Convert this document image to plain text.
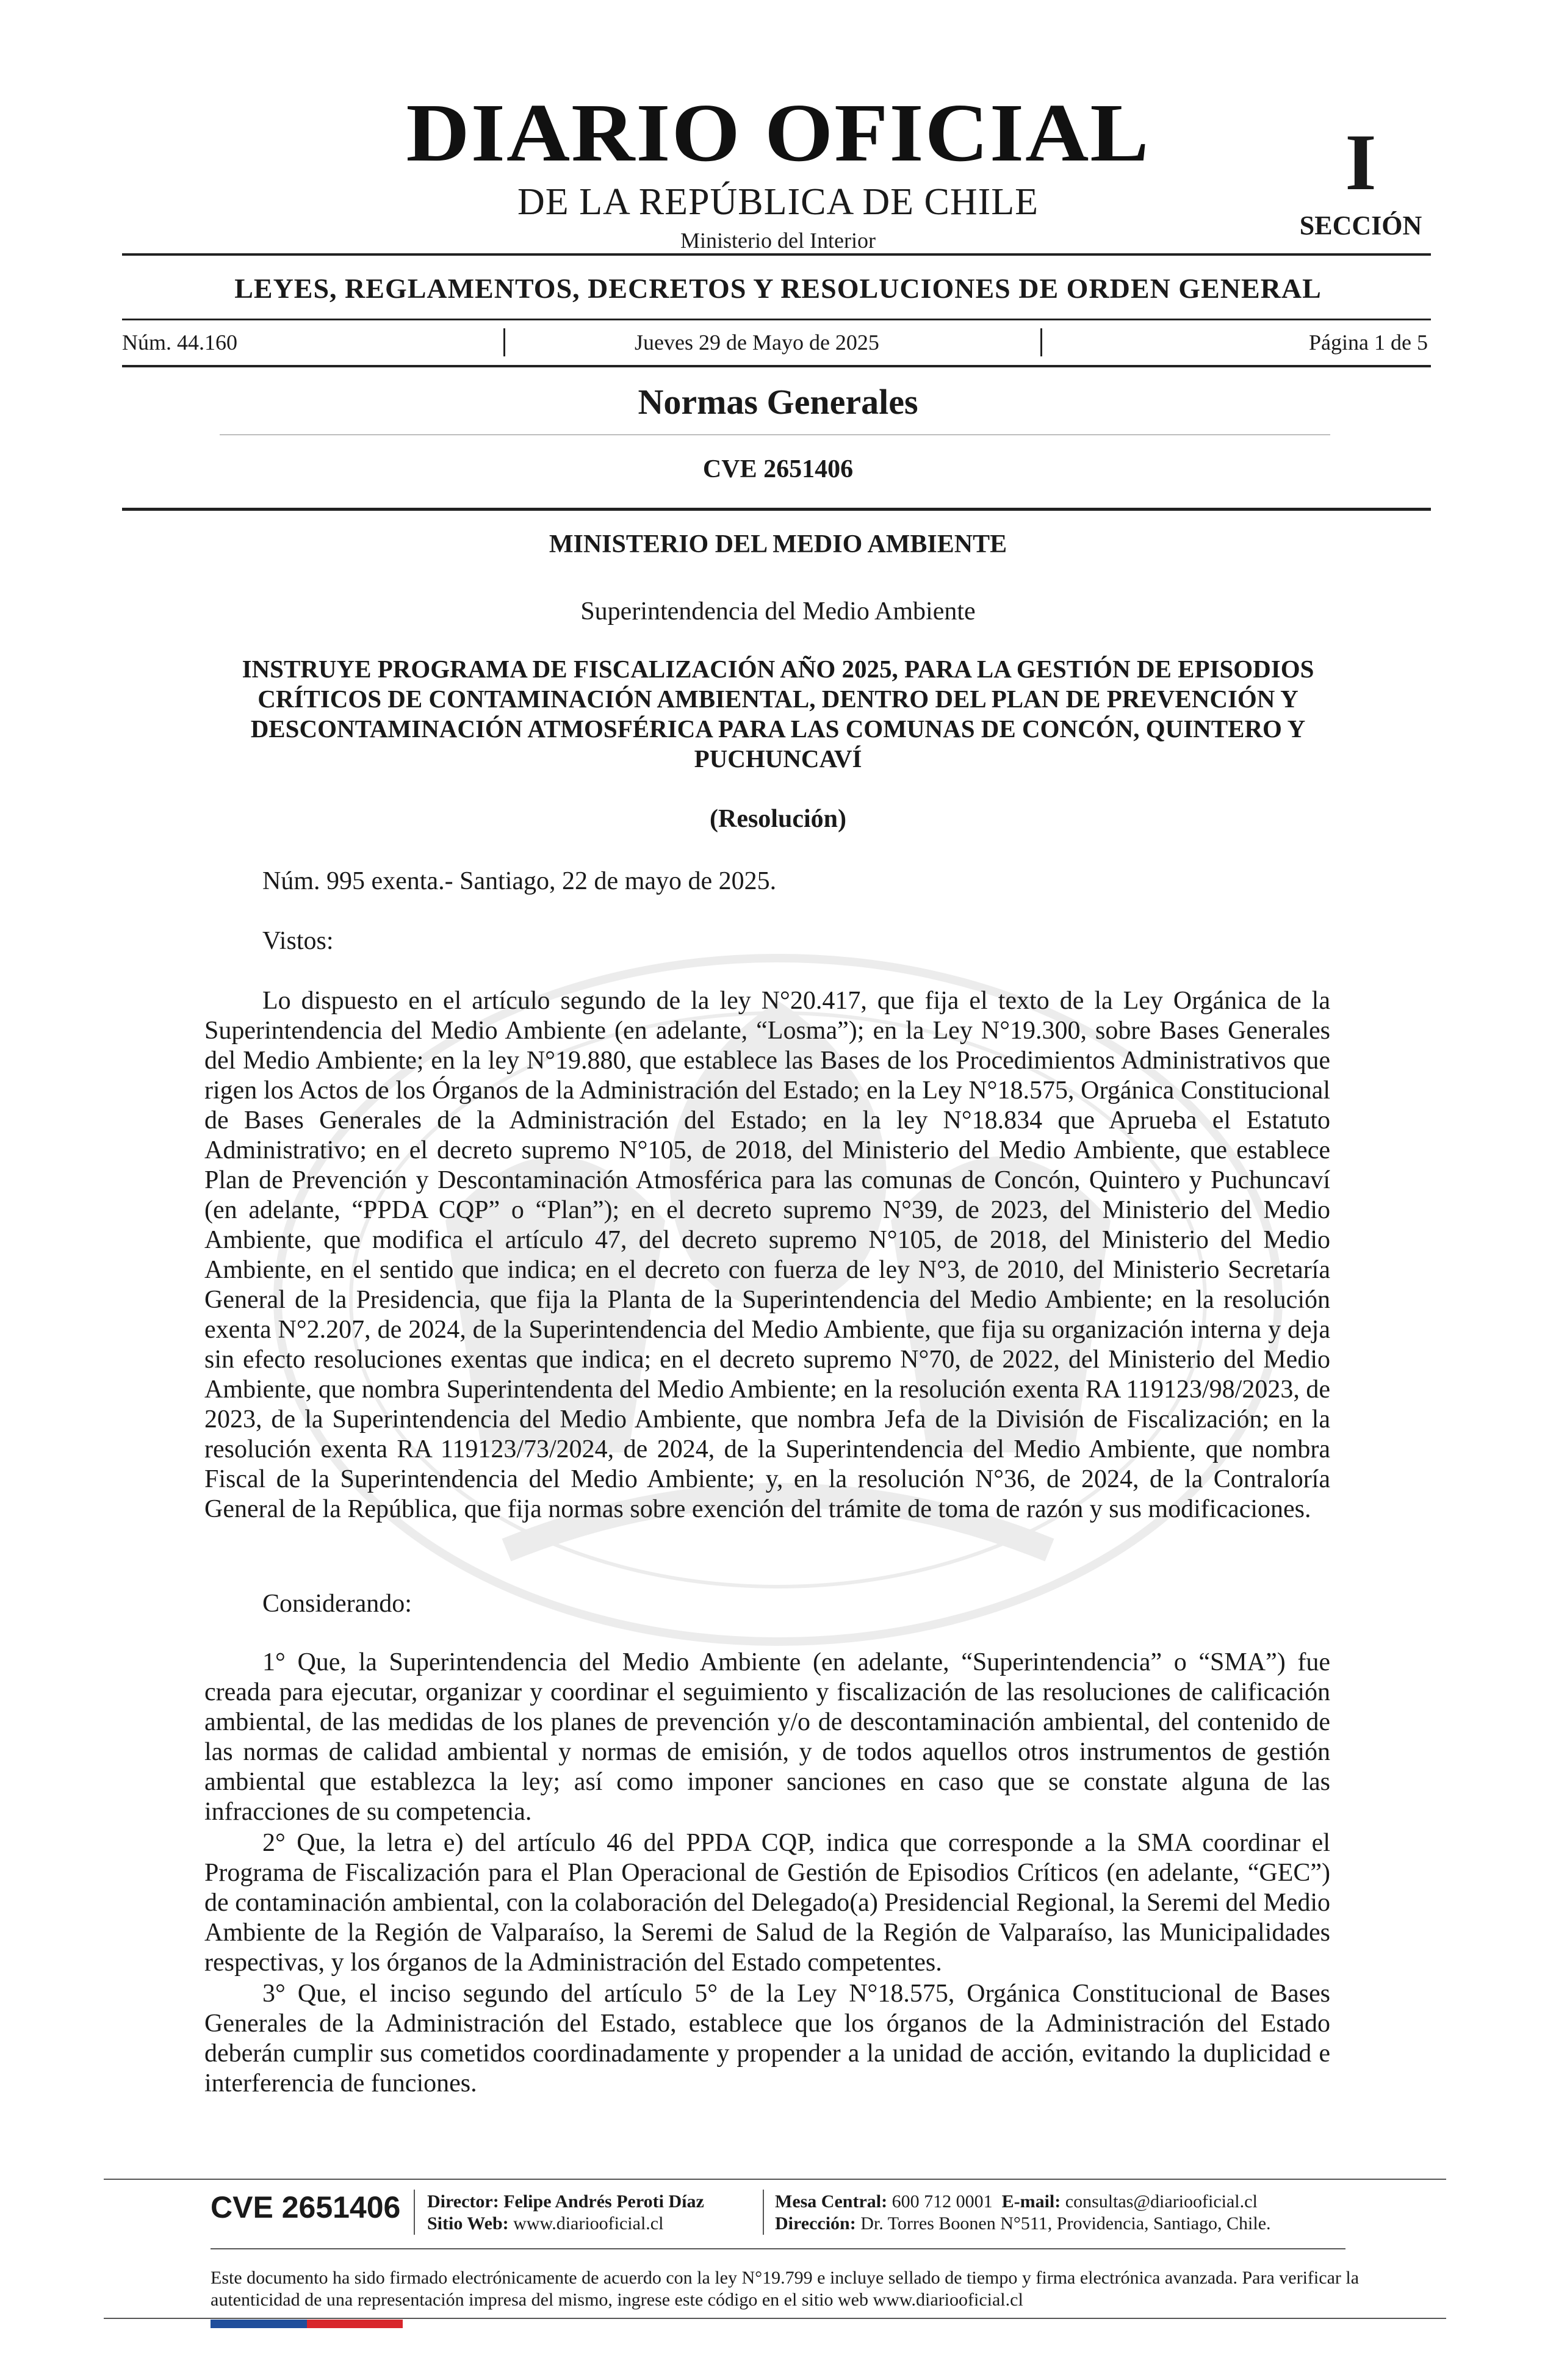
DIARIO OFICIAL
DE LA REPÚBLICA DE CHILE
Ministerio del Interior
I
SECCIÓN
LEYES, REGLAMENTOS, DECRETOS Y RESOLUCIONES DE ORDEN GENERAL
Núm. 44.160	Jueves 29 de Mayo de 2025	Página 1 de 5
Normas Generales
CVE 2651406
MINISTERIO DEL MEDIO AMBIENTE
Superintendencia del Medio Ambiente
INSTRUYE PROGRAMA DE FISCALIZACIÓN AÑO 2025, PARA LA GESTIÓN DE EPISODIOS CRÍTICOS DE CONTAMINACIÓN AMBIENTAL, DENTRO DEL PLAN DE PREVENCIÓN Y DESCONTAMINACIÓN ATMOSFÉRICA PARA LAS COMUNAS DE CONCÓN, QUINTERO Y PUCHUNCAVÍ
(Resolución)
Núm. 995 exenta.- Santiago, 22 de mayo de 2025.
Vistos:
Lo dispuesto en el artículo segundo de la ley N°20.417, que fija el texto de la Ley Orgánica de la Superintendencia del Medio Ambiente (en adelante, “Losma”); en la Ley N°19.300, sobre Bases Generales del Medio Ambiente; en la ley N°19.880, que establece las Bases de los Procedimientos Administrativos que rigen los Actos de los Órganos de la Administración del Estado; en la Ley N°18.575, Orgánica Constitucional de Bases Generales de la Administración del Estado; en la ley N°18.834 que Aprueba el Estatuto Administrativo; en el decreto supremo N°105, de 2018, del Ministerio del Medio Ambiente, que establece Plan de Prevención y Descontaminación Atmosférica para las comunas de Concón, Quintero y Puchuncaví (en adelante, “PPDA CQP” o “Plan”); en el decreto supremo N°39, de 2023, del Ministerio del Medio Ambiente, que modifica el artículo 47, del decreto supremo N°105, de 2018, del Ministerio del Medio Ambiente, en el sentido que indica; en el decreto con fuerza de ley N°3, de 2010, del Ministerio Secretaría General de la Presidencia, que fija la Planta de la Superintendencia del Medio Ambiente; en la resolución exenta N°2.207, de 2024, de la Superintendencia del Medio Ambiente, que fija su organización interna y deja sin efecto resoluciones exentas que indica; en el decreto supremo N°70, de 2022, del Ministerio del Medio Ambiente, que nombra Superintendenta del Medio Ambiente; en la resolución exenta RA 119123/98/2023, de 2023, de la Superintendencia del Medio Ambiente, que nombra Jefa de la División de Fiscalización; en la resolución exenta RA 119123/73/2024, de 2024, de la Superintendencia del Medio Ambiente, que nombra Fiscal de la Superintendencia del Medio Ambiente; y, en la resolución N°36, de 2024, de la Contraloría General de la República, que fija normas sobre exención del trámite de toma de razón y sus modificaciones.
Considerando:
1° Que, la Superintendencia del Medio Ambiente (en adelante, “Superintendencia” o “SMA”) fue creada para ejecutar, organizar y coordinar el seguimiento y fiscalización de las resoluciones de calificación ambiental, de las medidas de los planes de prevención y/o de descontaminación ambiental, del contenido de las normas de calidad ambiental y normas de emisión, y de todos aquellos otros instrumentos de gestión ambiental que establezca la ley; así como imponer sanciones en caso que se constate alguna de las infracciones de su competencia.
2° Que, la letra e) del artículo 46 del PPDA CQP, indica que corresponde a la SMA coordinar el Programa de Fiscalización para el Plan Operacional de Gestión de Episodios Críticos (en adelante, “GEC”) de contaminación ambiental, con la colaboración del Delegado(a) Presidencial Regional, la Seremi del Medio Ambiente de la Región de Valparaíso, la Seremi de Salud de la Región de Valparaíso, las Municipalidades respectivas, y los órganos de la Administración del Estado competentes.
3° Que, el inciso segundo del artículo 5° de la Ley N°18.575, Orgánica Constitucional de Bases Generales de la Administración del Estado, establece que los órganos de la Administración del Estado deberán cumplir sus cometidos coordinadamente y propender a la unidad de acción, evitando la duplicidad e interferencia de funciones.
CVE 2651406 Director: Felipe Andrés Peroti Díaz
Sitio Web: www.diariooficial.cl
Mesa Central: 600 712 0001 E-mail: consultas@diariooficial.cl
Dirección: Dr. Torres Boonen N°511, Providencia, Santiago, Chile.
Este documento ha sido firmado electrónicamente de acuerdo con la ley N°19.799 e incluye sellado de tiempo y firma electrónica avanzada. Para verificar la autenticidad de una representación impresa del mismo, ingrese este código en el sitio web www.diariooficial.cl
